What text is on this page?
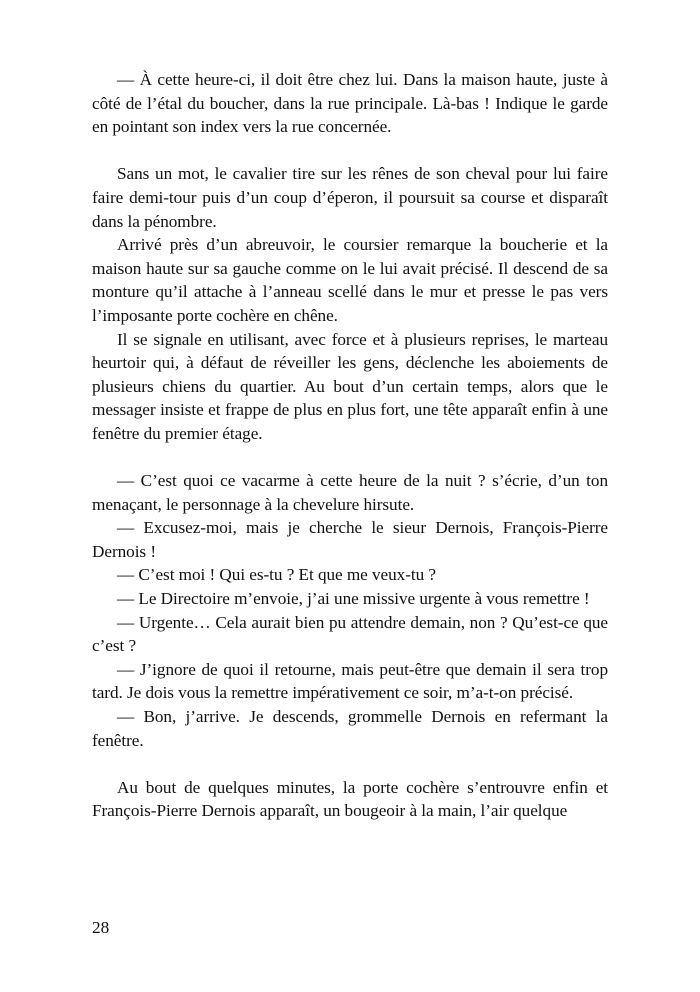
— À cette heure-ci, il doit être chez lui. Dans la maison haute, juste à côté de l’étal du boucher, dans la rue principale. Là-bas ! Indique le garde en pointant son index vers la rue concernée.

Sans un mot, le cavalier tire sur les rênes de son cheval pour lui faire faire demi-tour puis d’un coup d’éperon, il poursuit sa course et disparaît dans la pénombre.

Arrivé près d’un abreuvoir, le coursier remarque la boucherie et la maison haute sur sa gauche comme on le lui avait précisé. Il descend de sa monture qu’il attache à l’anneau scellé dans le mur et presse le pas vers l’imposante porte cochère en chêne.

Il se signale en utilisant, avec force et à plusieurs reprises, le marteau heurtoir qui, à défaut de réveiller les gens, déclenche les aboiements de plusieurs chiens du quartier. Au bout d’un certain temps, alors que le messager insiste et frappe de plus en plus fort, une tête apparaît enfin à une fenêtre du premier étage.

— C’est quoi ce vacarme à cette heure de la nuit ? s’écrie, d’un ton menaçant, le personnage à la chevelure hirsute.

— Excusez-moi, mais je cherche le sieur Dernois, François-Pierre Dernois !

— C’est moi ! Qui es-tu ? Et que me veux-tu ?

— Le Directoire m’envoie, j’ai une missive urgente à vous remettre !

— Urgente… Cela aurait bien pu attendre demain, non ? Qu’est-ce que c’est ?

— J’ignore de quoi il retourne, mais peut-être que demain il sera trop tard. Je dois vous la remettre impérativement ce soir, m’a-t-on précisé.

— Bon, j’arrive. Je descends, grommelle Dernois en refermant la fenêtre.

Au bout de quelques minutes, la porte cochère s’entrouvre enfin et François-Pierre Dernois apparaît, un bougeoir à la main, l’air quelque

28
